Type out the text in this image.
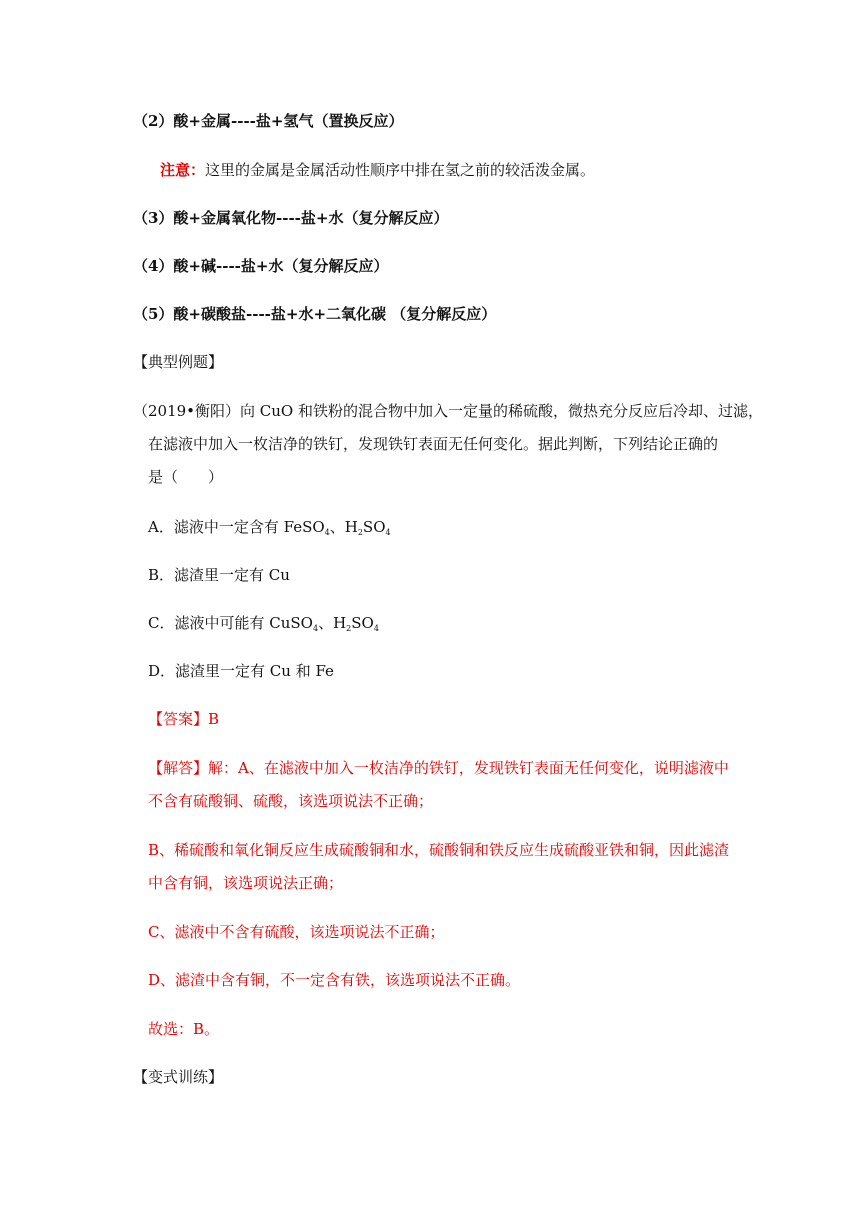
（2）酸+金属----盐+氢气（置换反应）
注意：这里的金属是金属活动性顺序中排在氢之前的较活泼金属。
（3）酸+金属氧化物----盐+水（复分解反应）
（4）酸+碱----盐+水（复分解反应）
（5）酸+碳酸盐----盐+水+二氧化碳 （复分解反应）
【典型例题】
（2019•衡阳）向 CuO 和铁粉的混合物中加入一定量的稀硫酸，微热充分反应后冷却、过滤，
在滤液中加入一枚洁净的铁钉，发现铁钉表面无任何变化。据此判断，下列结论正确的
是（　　）
A．滤液中一定含有 FeSO$_4$、$H_2SO_4$
B．滤渣里一定有 Cu
C．滤液中可能有 CuSO$_4$、$H_2SO_4$
D．滤渣里一定有 Cu 和 Fe
【答案】B
【解答】解：A、在滤液中加入一枚洁净的铁钉，发现铁钉表面无任何变化，说明滤液中
不含有硫酸铜、硫酸，该选项说法不正确；
B、稀硫酸和氧化铜反应生成硫酸铜和水，硫酸铜和铁反应生成硫酸亚铁和铜，因此滤渣
中含有铜，该选项说法正确；
C、滤液中不含有硫酸，该选项说法不正确；
D、滤渣中含有铜，不一定含有铁，该选项说法不正确。
故选：B。
【变式训练】
